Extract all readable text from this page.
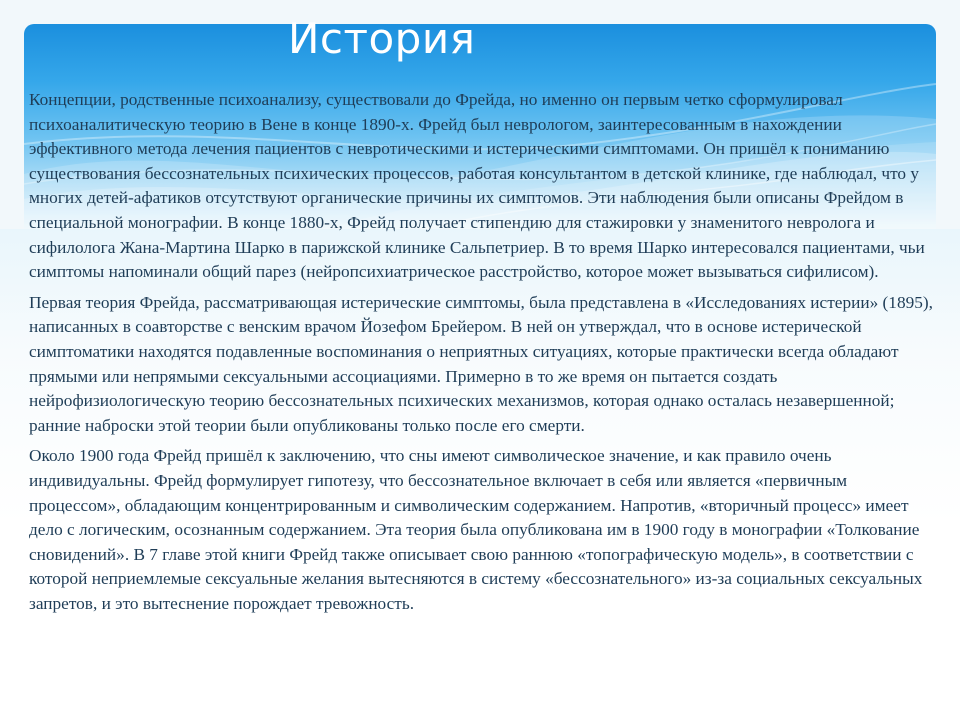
История

Концепции, родственные психоанализу, существовали до Фрейда, но именно он первым четко сформулировал психоаналитическую теорию в Вене в конце 1890-х. Фрейд был неврологом, заинтересованным в нахождении эффективного метода лечения пациентов с невротическими и истерическими симптомами. Он пришёл к пониманию существования бессознательных психических процессов, работая консультантом в детской клинике, где наблюдал, что у многих детей-афатиков отсутствуют органические причины их симптомов. Эти наблюдения были описаны Фрейдом в специальной монографии. В конце 1880-х, Фрейд получает стипендию для стажировки у знаменитого невролога и сифилолога Жана-Мартина Шарко в парижской клинике Сальпетриер. В то время Шарко интересовался пациентами, чьи симптомы напоминали общий парез (нейропсихиатрическое расстройство, которое может вызываться сифилисом).

Первая теория Фрейда, рассматривающая истерические симптомы, была представлена в «Исследованиях истерии» (1895), написанных в соавторстве с венским врачом Йозефом Брейером. В ней он утверждал, что в основе истерической симптоматики находятся подавленные воспоминания о неприятных ситуациях, которые практически всегда обладают прямыми или непрямыми сексуальными ассоциациями. Примерно в то же время он пытается создать нейрофизиологическую теорию бессознательных психических механизмов, которая однако осталась незавершенной; ранние наброски этой теории были опубликованы только после его смерти.

Около 1900 года Фрейд пришёл к заключению, что сны имеют символическое значение, и как правило очень индивидуальны. Фрейд формулирует гипотезу, что бессознательное включает в себя или является «первичным процессом», обладающим концентрированным и символическим содержанием. Напротив, «вторичный процесс» имеет дело с логическим, осознанным содержанием. Эта теория была опубликована им в 1900 году в монографии «Толкование сновидений». В 7 главе этой книги Фрейд также описывает свою раннюю «топографическую модель», в соответствии с которой неприемлемые сексуальные желания вытесняются в систему «бессознательного» из-за социальных сексуальных запретов, и это вытеснение порождает тревожность.
